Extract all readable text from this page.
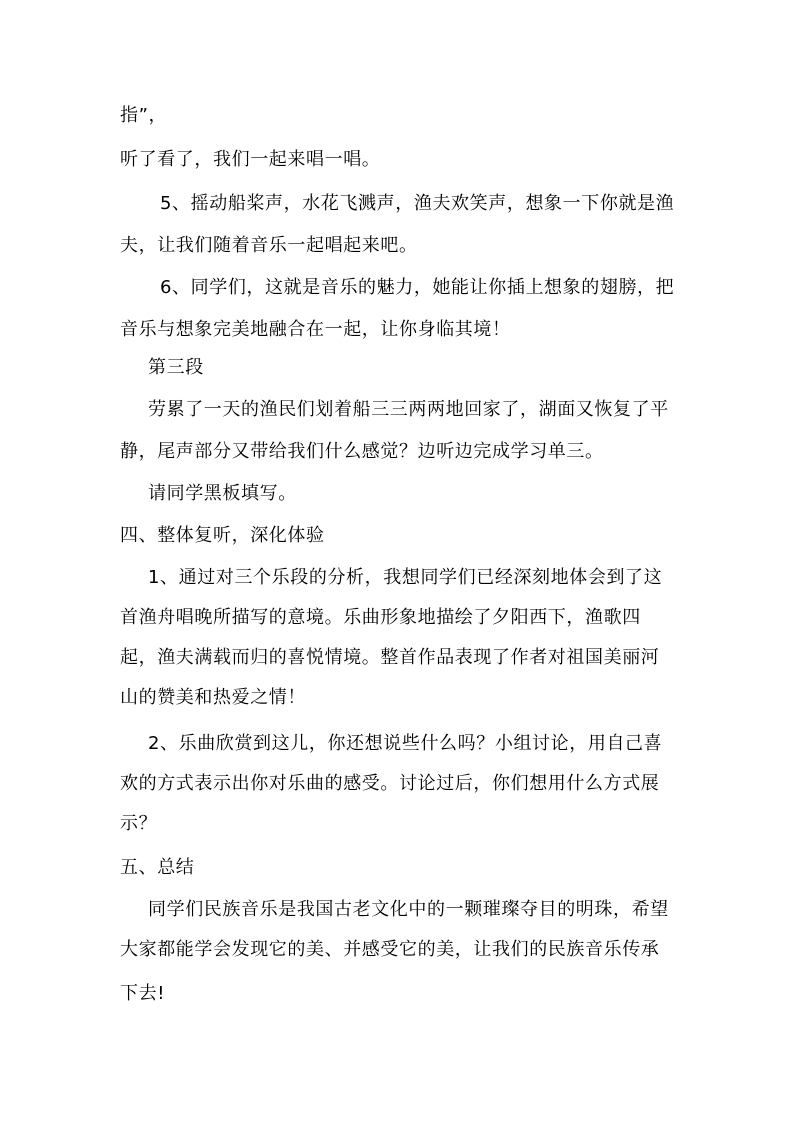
指”，
听了看了，我们一起来唱一唱。
5、摇动船桨声，水花飞溅声，渔夫欢笑声，想象一下你就是渔
夫，让我们随着音乐一起唱起来吧。
6、同学们，这就是音乐的魅力，她能让你插上想象的翅膀，把
音乐与想象完美地融合在一起，让你身临其境！
第三段
劳累了一天的渔民们划着船三三两两地回家了，湖面又恢复了平
静，尾声部分又带给我们什么感觉？边听边完成学习单三。
请同学黑板填写。
四、整体复听，深化体验
1、通过对三个乐段的分析，我想同学们已经深刻地体会到了这
首渔舟唱晚所描写的意境。乐曲形象地描绘了夕阳西下，渔歌四
起，渔夫满载而归的喜悦情境。整首作品表现了作者对祖国美丽河
山的赞美和热爱之情！
2、乐曲欣赏到这儿，你还想说些什么吗？小组讨论，用自己喜
欢的方式表示出你对乐曲的感受。讨论过后，你们想用什么方式展
示？
五、总结
同学们民族音乐是我国古老文化中的一颗璀璨夺目的明珠，希望
大家都能学会发现它的美、并感受它的美，让我们的民族音乐传承
下去!
